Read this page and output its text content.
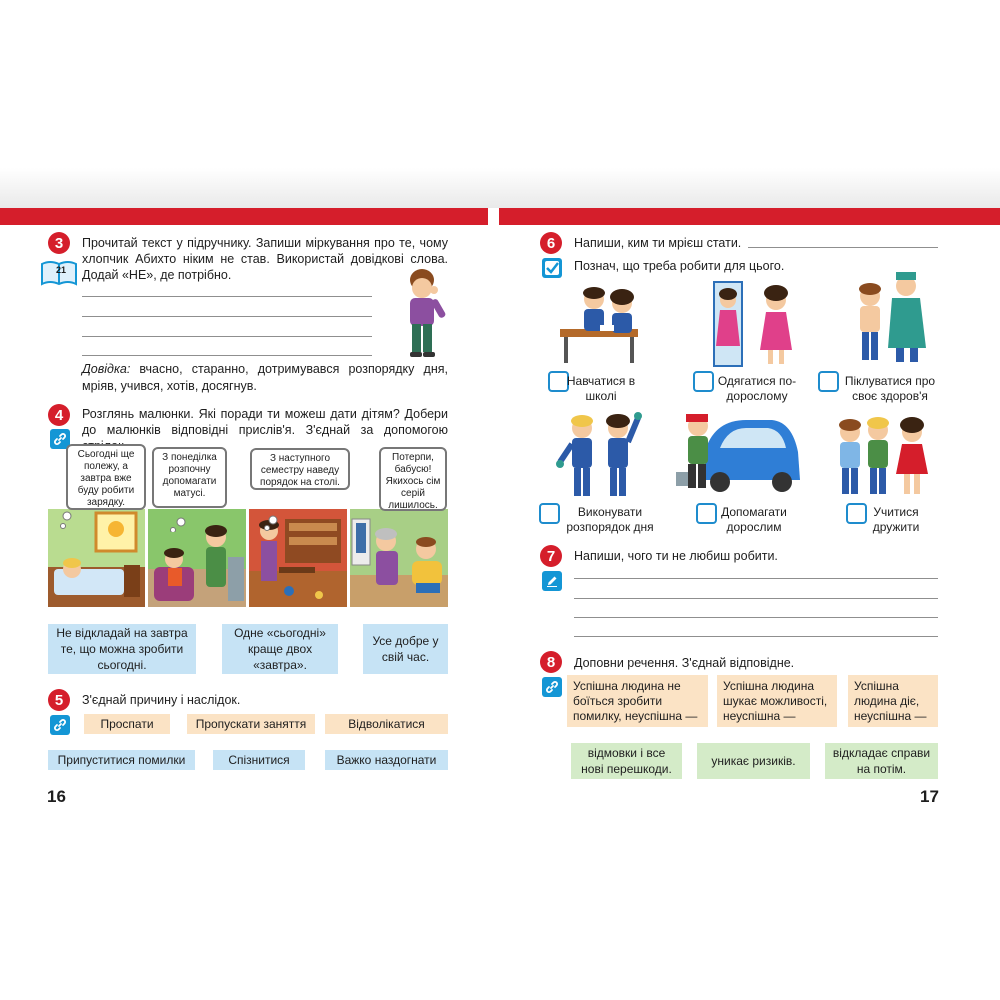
3
21
Прочитай текст у підручнику. Запиши міркування про те, чому хлопчик Абихто ніким не став. Використай довідкові слова. Додай «НЕ», де потрібно.
Довідка: вчасно, старанно, дотримувався розпорядку дня, мріяв, учився, хотів, досягнув.
4	Розглянь малюнки. Які поради ти можеш дати дітям? Добери до малюнків відповідні прислів'я. З'єднай за допомогою
Сьогодні ще полежу, а завтра вже буду робити зарядку.
З понеділка розпочну допомагати матусі.
З наступного семестру наведу порядок на столі.
Потерпи, бабусю! Якихось сім серій лишилось.
Не відкладай на завтра те, що можна зробити сьогодні.
Одне «сьогодні» краще двох «завтра».
Усе добре у свій час.
5	З'єднай причину і наслідок.
Проспати	Пропускати заняття	Відволікатися
Припуститися помилки	Спізнитися	Важко наздогнати
16
6	Напиши, ким ти мрієш стати.
Познач, що треба робити для цього.
Навчатися в школі
Одягатися по-дорослому
Піклуватися про своє здоров'я
Виконувати розпорядок дня
Допомагати дорослим
Учитися дружити
7	Напиши, чого ти не любиш робити.
8	Доповни речення. З'єднай відповідне.
Успішна людина не боїться зробити помилку, неуспішна —
Успішна людина шукає можливості, неуспішна —
Успішна людина діє, неуспішна —
відмовки і все нові перешкоди.
уникає ризиків.
відкладає справи на потім.
17
